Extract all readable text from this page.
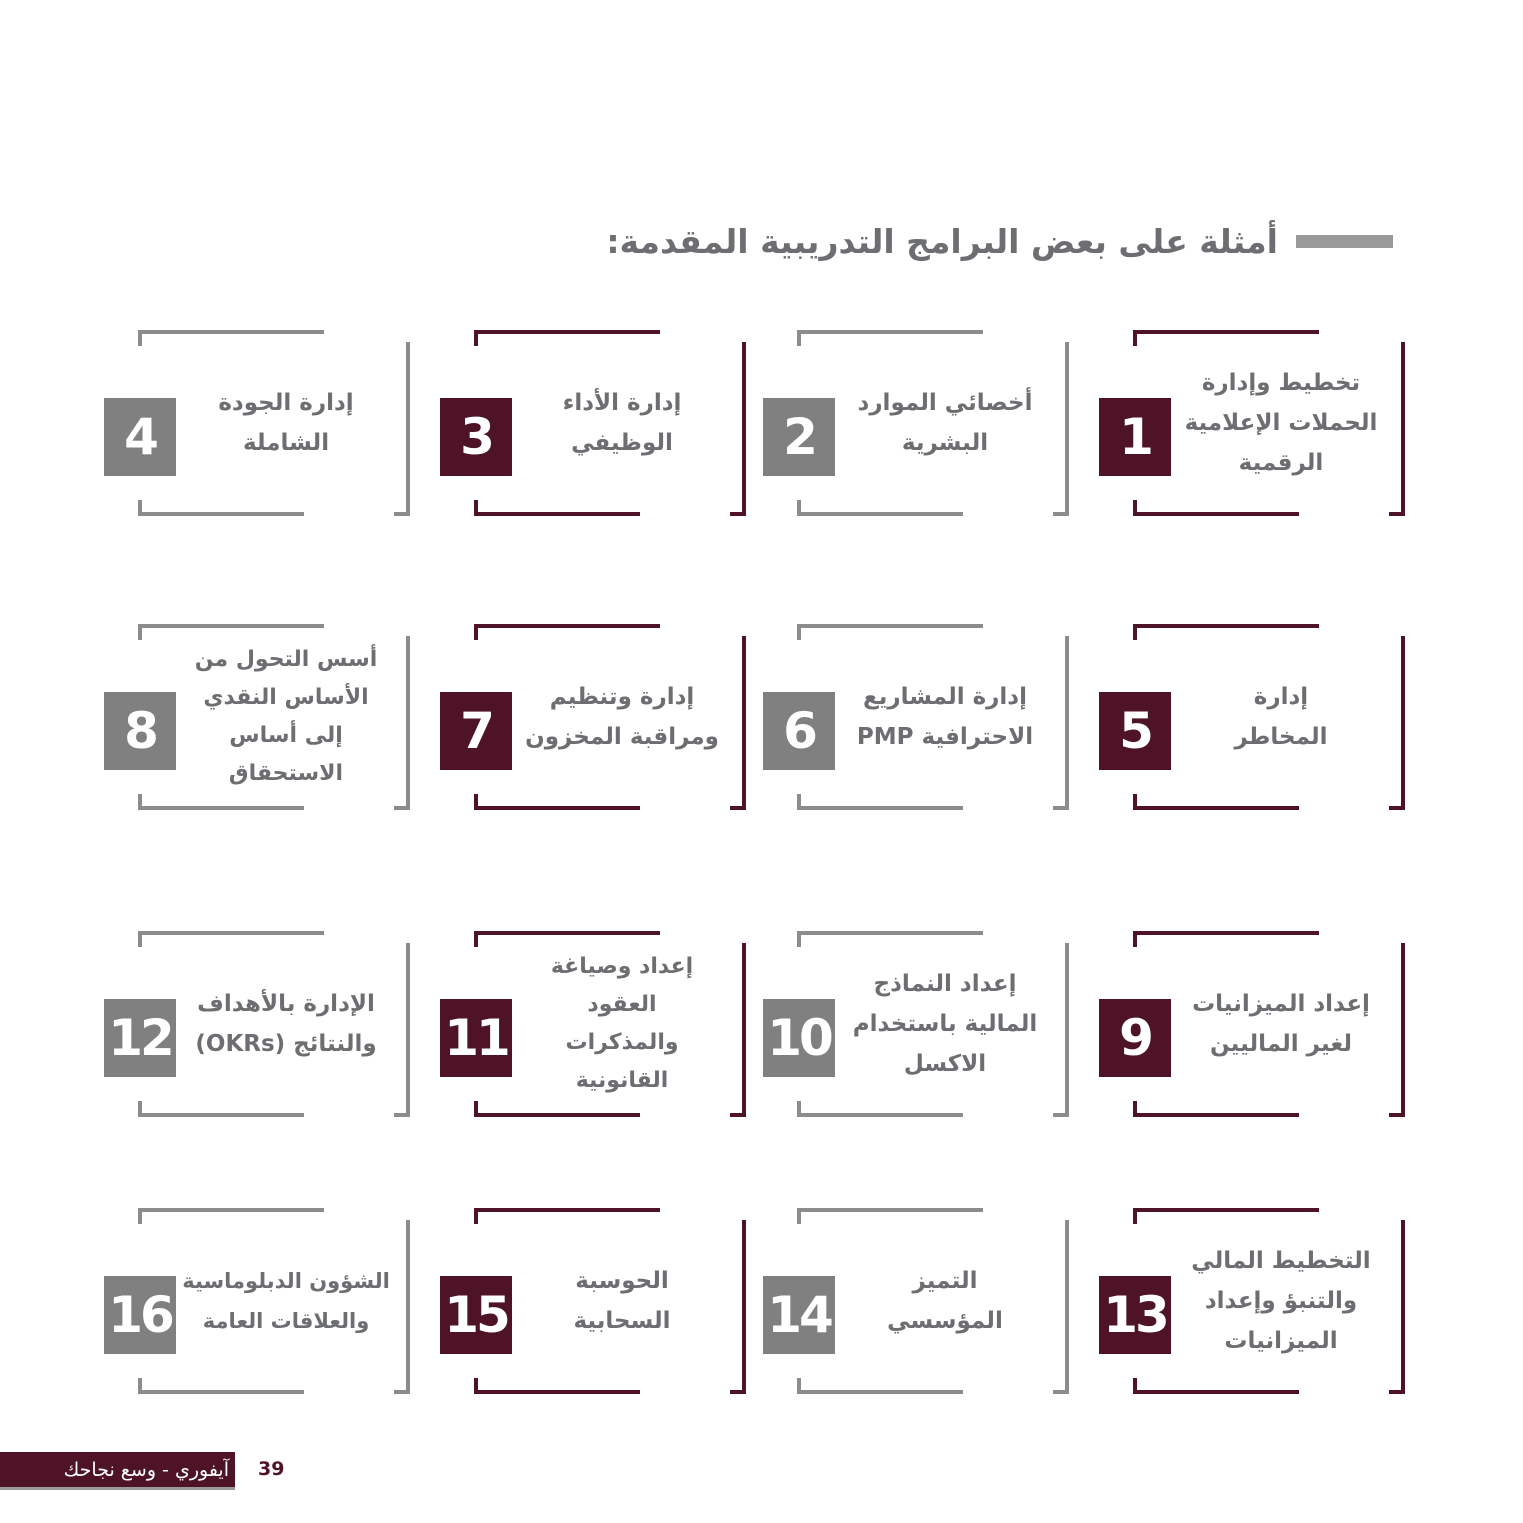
أمثلة على بعض البرامج التدريبية المقدمة:
تخطيط وإدارة
الحملات الإعلامية
الرقمية
1
أخصائي الموارد
البشرية
2
إدارة الأداء
الوظيفي
3
إدارة الجودة
الشاملة
4
إدارة
المخاطر
5
إدارة المشاريع
الاحترافية PMP
6
إدارة وتنظيم
ومراقبة المخزون
7
أسس التحول من
الأساس النقدي
إلى أساس
الاستحقاق
8
إعداد الميزانيات
لغير الماليين
9
إعداد النماذج
المالية باستخدام
الاكسل
10
إعداد وصياغة
العقود
والمذكرات
القانونية
11
الإدارة بالأهداف
والنتائج (OKRs)
12
التخطيط المالي
والتنبؤ وإعداد
الميزانيات
13
التميز
المؤسسي
14
الحوسبة
السحابية
15
الشؤون الدبلوماسية
والعلاقات العامة
16
آيفوري - وسع نجاحك 39
